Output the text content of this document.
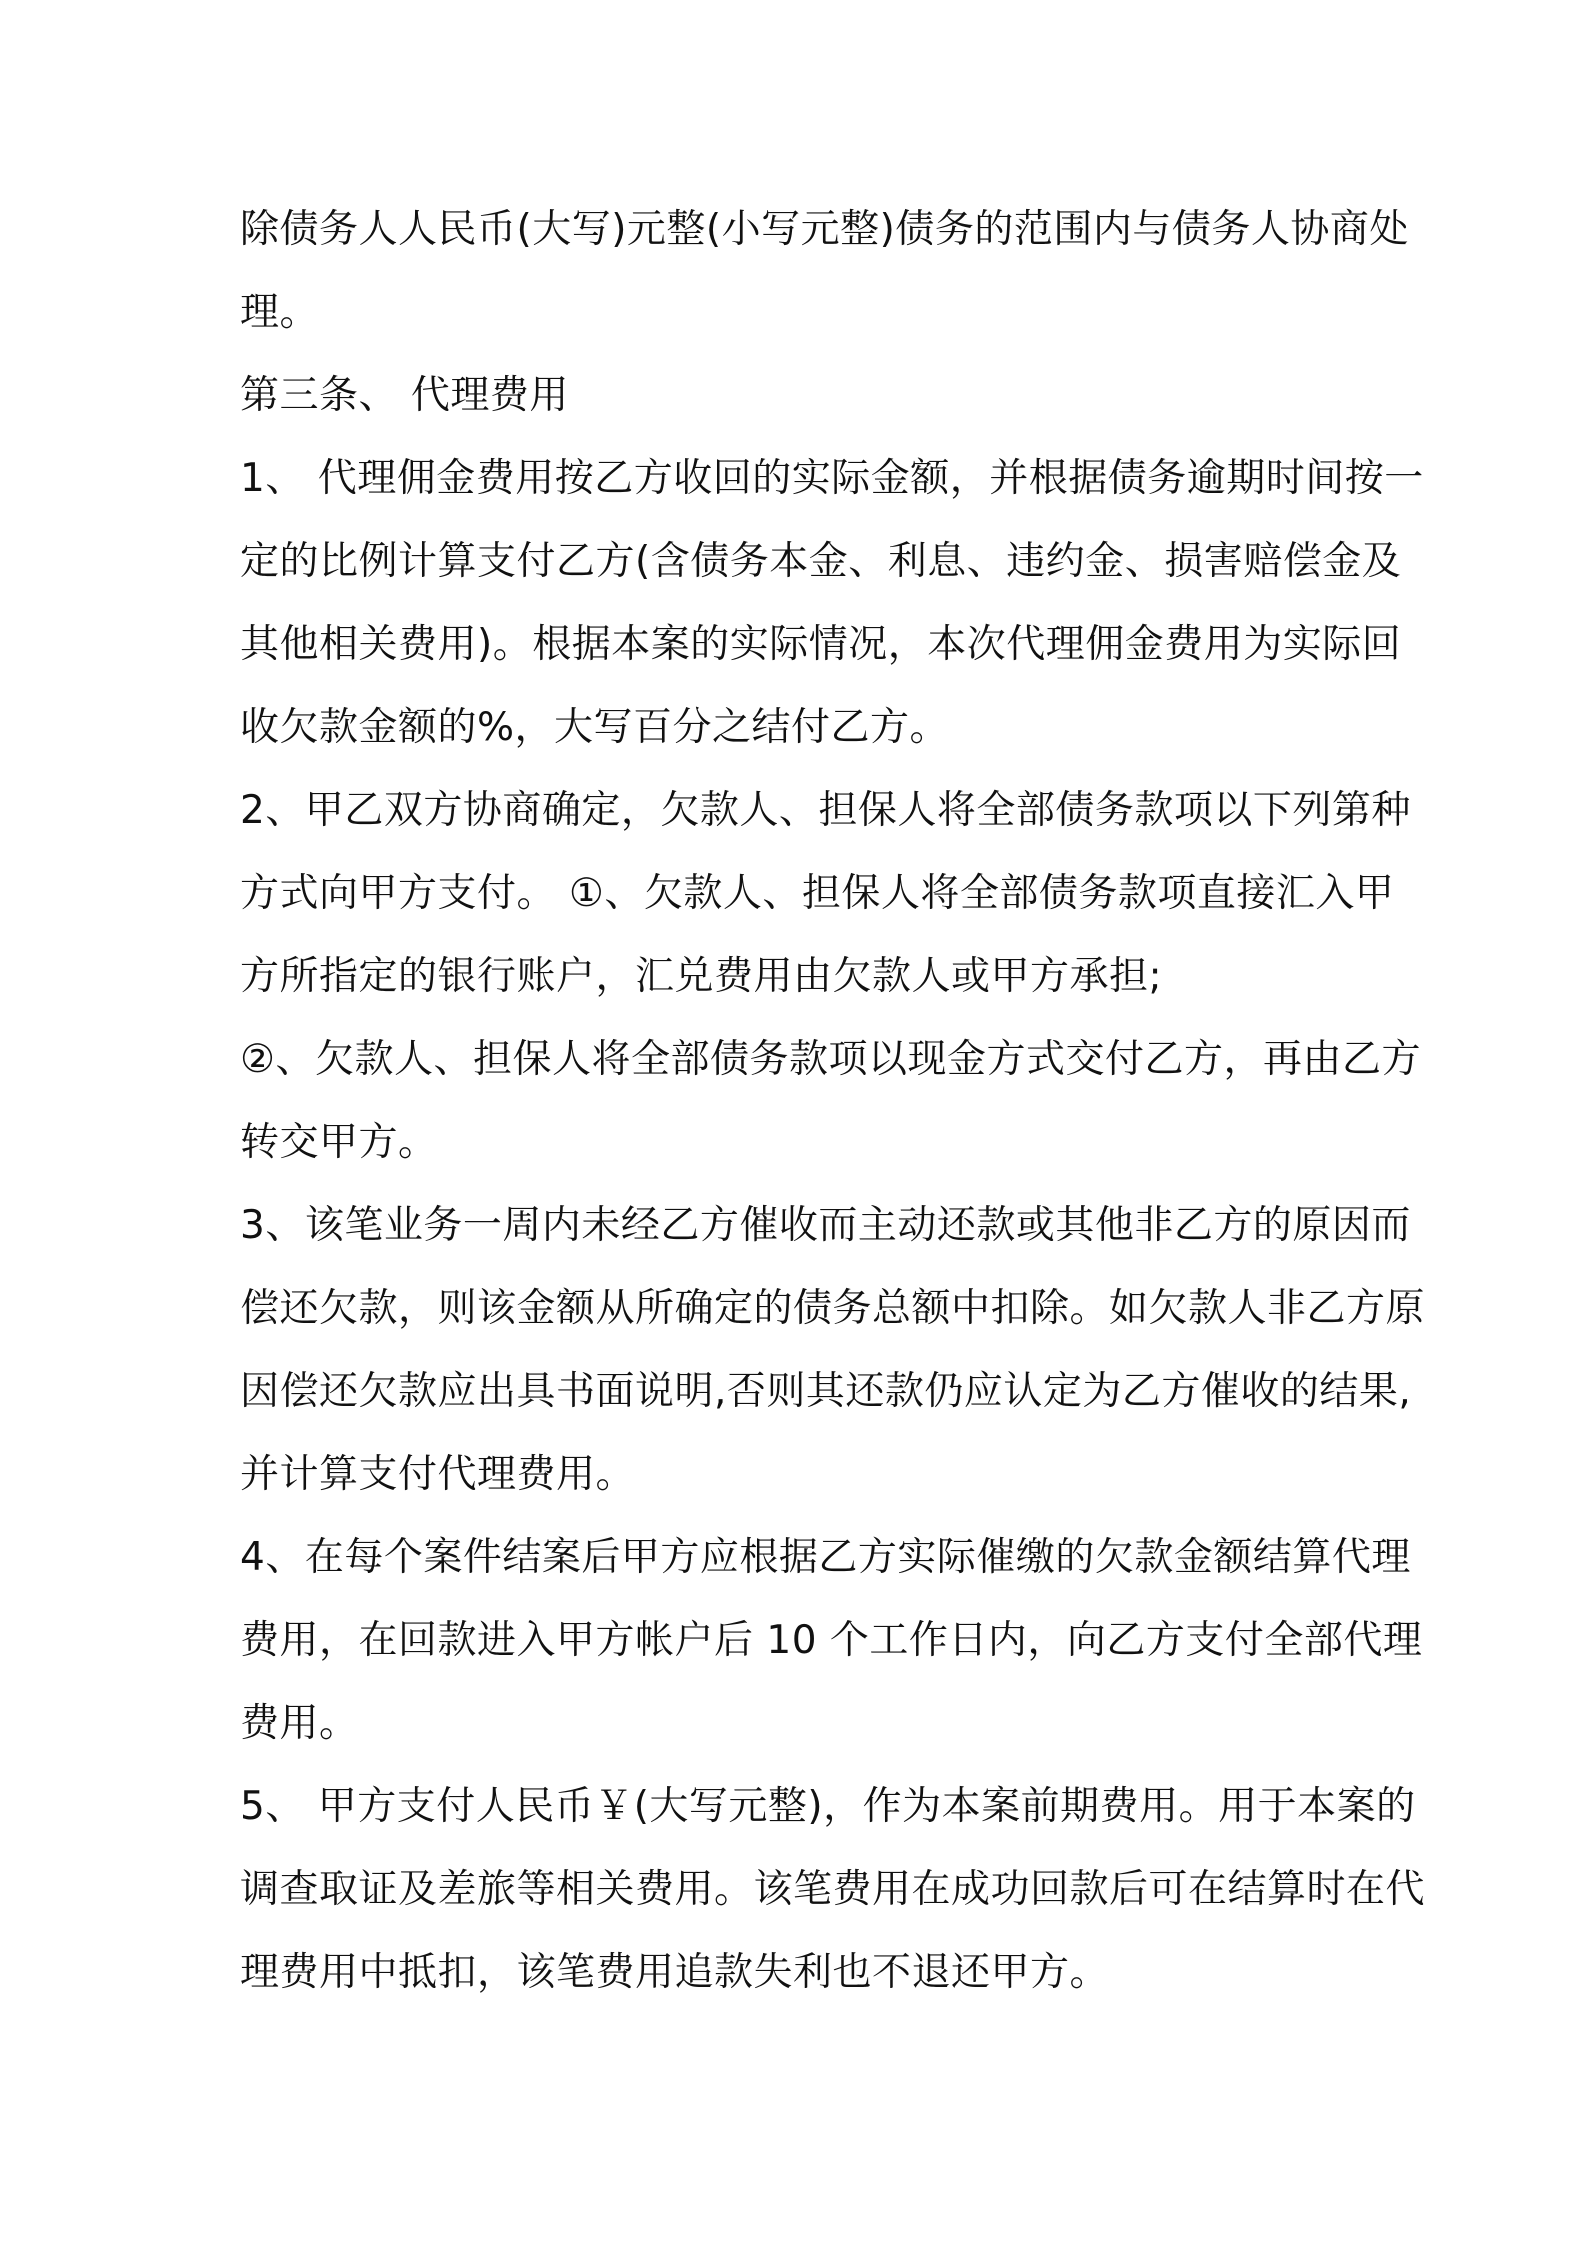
除债务人人民币(大写)元整(小写元整)债务的范围内与债务人协商处
理。
第三条、 代理费用
1、 代理佣金费用按乙方收回的实际金额，并根据债务逾期时间按一
定的比例计算支付乙方(含债务本金、利息、违约金、损害赔偿金及
其他相关费用)。根据本案的实际情况，本次代理佣金费用为实际回
收欠款金额的%，大写百分之结付乙方。
2、甲乙双方协商确定，欠款人、担保人将全部债务款项以下列第种
方式向甲方支付。 ①、欠款人、担保人将全部债务款项直接汇入甲
方所指定的银行账户，汇兑费用由欠款人或甲方承担;
②、欠款人、担保人将全部债务款项以现金方式交付乙方，再由乙方
转交甲方。
3、该笔业务一周内未经乙方催收而主动还款或其他非乙方的原因而
偿还欠款，则该金额从所确定的债务总额中扣除。如欠款人非乙方原
因偿还欠款应出具书面说明,否则其还款仍应认定为乙方催收的结果,
并计算支付代理费用。
4、在每个案件结案后甲方应根据乙方实际催缴的欠款金额结算代理
费用，在回款进入甲方帐户后 10 个工作日内，向乙方支付全部代理
费用。
5、 甲方支付人民币￥(大写元整)，作为本案前期费用。用于本案的
调查取证及差旅等相关费用。该笔费用在成功回款后可在结算时在代
理费用中抵扣，该笔费用追款失利也不退还甲方。
